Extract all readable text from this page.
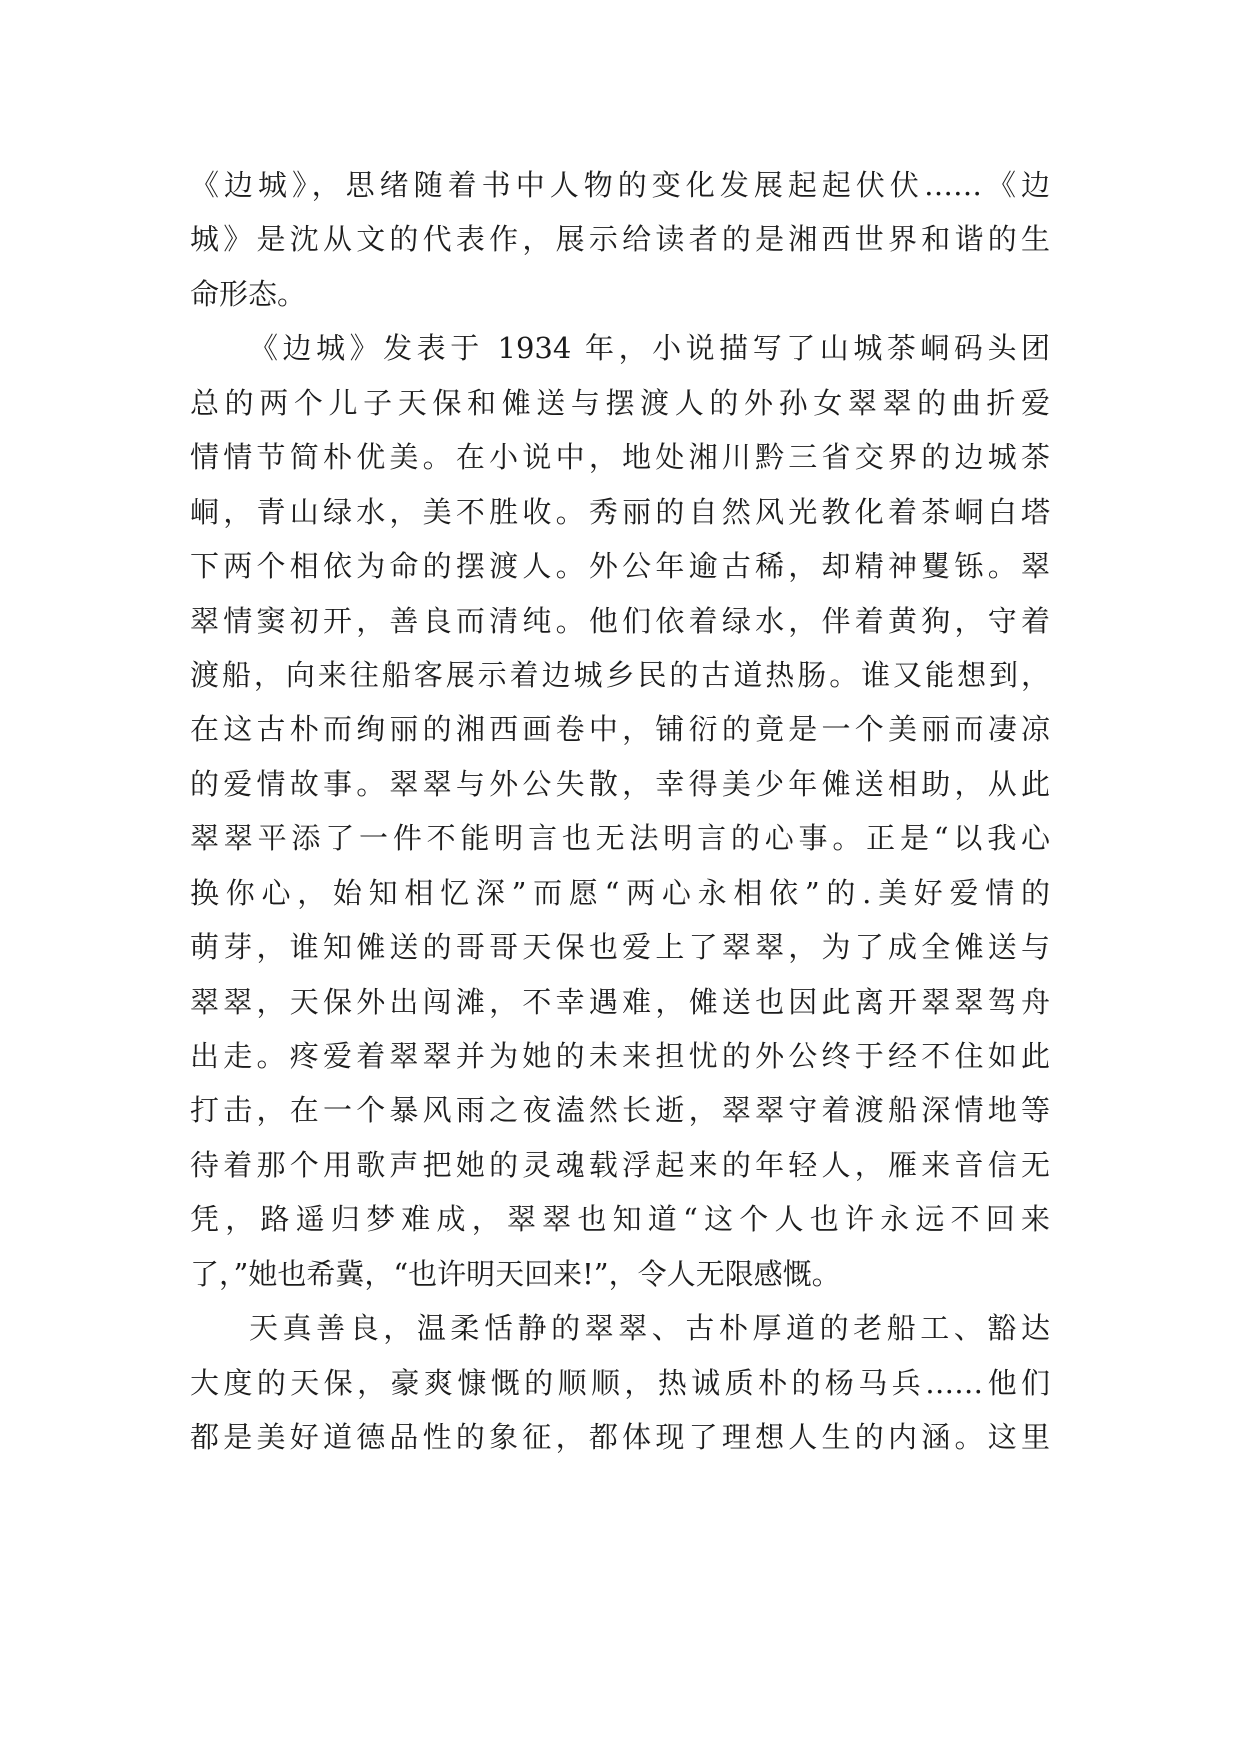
《边城》，思绪随着书中人物的变化发展起起伏伏……《边
城》是沈从文的代表作，展示给读者的是湘西世界和谐的生
命形态。
《边城》发表于 1934 年，小说描写了山城茶峒码头团
总的两个儿子天保和傩送与摆渡人的外孙女翠翠的曲折爱
情情节简朴优美。在小说中，地处湘川黔三省交界的边城茶
峒，青山绿水，美不胜收。秀丽的自然风光教化着茶峒白塔
下两个相依为命的摆渡人。外公年逾古稀，却精神矍铄。翠
翠情窦初开，善良而清纯。他们依着绿水，伴着黄狗，守着
渡船，向来往船客展示着边城乡民的古道热肠。谁又能想到，
在这古朴而绚丽的湘西画卷中，铺衍的竟是一个美丽而凄凉
的爱情故事。翠翠与外公失散，幸得美少年傩送相助，从此
翠翠平添了一件不能明言也无法明言的心事。正是“以我心
换你心，始知相忆深”而愿“两心永相依”的.美好爱情的
萌芽，谁知傩送的哥哥天保也爱上了翠翠，为了成全傩送与
翠翠，天保外出闯滩，不幸遇难，傩送也因此离开翠翠驾舟
出走。疼爱着翠翠并为她的未来担忧的外公终于经不住如此
打击，在一个暴风雨之夜溘然长逝，翠翠守着渡船深情地等
待着那个用歌声把她的灵魂载浮起来的年轻人，雁来音信无
凭，路遥归梦难成，翠翠也知道“这个人也许永远不回来
了，”她也希冀，“也许明天回来!”，令人无限感慨。
天真善良，温柔恬静的翠翠、古朴厚道的老船工、豁达
大度的天保，豪爽慷慨的顺顺，热诚质朴的杨马兵……他们
都是美好道德品性的象征，都体现了理想人生的内涵。这里
